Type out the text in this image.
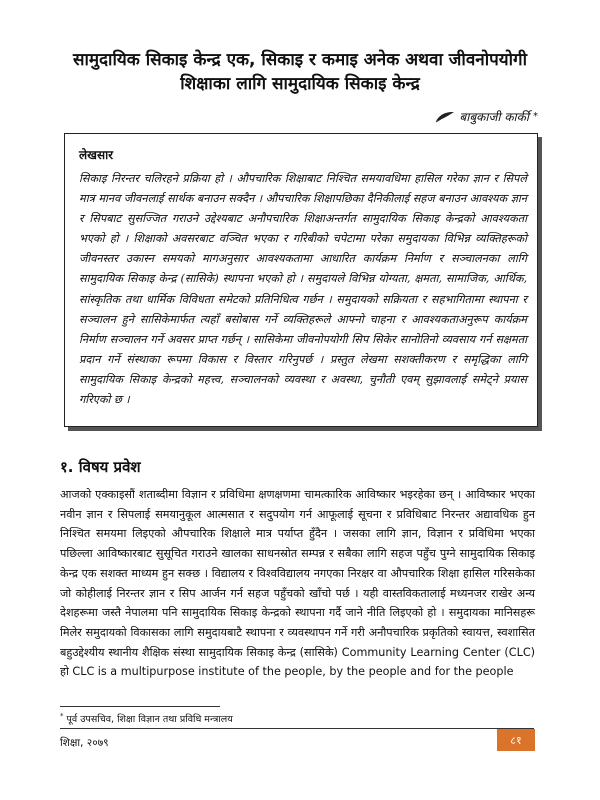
सामुदायिक सिकाइ केन्द्र एक, सिकाइ र कमाइ अनेक अथवा जीवनोपयोगी
शिक्षाका लागि सामुदायिक सिकाइ केन्द्र
बाबुकाजी कार्की *
लेखसार
सिकाइ निरन्तर चलिरहने प्रक्रिया हो । औपचारिक शिक्षाबाट निश्चित समयावधिमा हासिल गरेका ज्ञान र सिपले मात्र मानव जीवनलाई सार्थक बनाउन सक्दैन । औपचारिक शिक्षापछिका दैनिकीलाई सहज बनाउन आवश्यक ज्ञान र सिपबाट सुसज्जित गराउने उद्देश्यबाट अनौपचारिक शिक्षाअन्तर्गत सामुदायिक सिकाइ केन्द्रको आवश्यकता भएको हो । शिक्षाको अवसरबाट वञ्चित भएका र गरिबीको चपेटामा परेका समुदायका विभिन्न व्यक्तिहरूको जीवनस्तर उकास्न समयको मागअनुसार आवश्यकतामा आधारित कार्यक्रम निर्माण र सञ्चालनका लागि सामुदायिक सिकाइ केन्द्र (सासिके) स्थापना भएको हो । समुदायले विभिन्न योग्यता, क्षमता, सामाजिक, आर्थिक, सांस्कृतिक तथा धार्मिक विविधता समेटको प्रतिनिधित्व गर्छन । समुदायको सक्रियता र सहभागितामा स्थापना र सञ्चालन हुने सासिकेमार्फत त्यहाँ बसोबास गर्ने व्यक्तिहरूले आफ्नो चाहना र आवश्यकताअनुरूप कार्यक्रम निर्माण सञ्चालन गर्ने अवसर प्राप्त गर्छन् । सासिकेमा जीवनोपयोगी सिप सिकेर सानोतिनो व्यवसाय गर्न सक्षमता प्रदान गर्ने संस्थाका रूपमा विकास र विस्तार गरिनुपर्छ । प्रस्तुत लेखमा सशक्तीकरण र समृद्धिका लागि सामुदायिक सिकाइ केन्द्रको महत्त्व, सञ्चालनको व्यवस्था र अवस्था, चुनौती एवम् सुझावलाई समेट्ने प्रयास गरिएको छ ।
१. विषय प्रवेश
आजको एक्काइसौं शताब्दीमा विज्ञान र प्रविधिमा क्षणक्षणमा चामत्कारिक आविष्कार भइरहेका छन् । आविष्कार भएका नवीन ज्ञान र सिपलाई समयानुकूल आत्मसात र सदुपयोग गर्न आफूलाई सूचना र प्रविधिबाट निरन्तर अद्यावधिक हुन निश्चित समयमा लिइएको औपचारिक शिक्षाले मात्र पर्याप्त हुँदैन । जसका लागि ज्ञान, विज्ञान र प्रविधिमा भएका पछिल्ला आविष्कारबाट सुसूचित गराउने खालका साधनस्रोत सम्पन्न र सबैका लागि सहज पहुँच पुग्ने सामुदायिक सिकाइ केन्द्र एक सशक्त माध्यम हुन सक्छ । विद्यालय र विश्वविद्यालय नगएका निरक्षर वा औपचारिक शिक्षा हासिल गरिसकेका जो कोहीलाई निरन्तर ज्ञान र सिप आर्जन गर्न सहज पहुँचको खाँचो पर्छ । यही वास्तविकतालाई मध्यनजर राखेर अन्य देशहरूमा जस्तै नेपालमा पनि सामुदायिक सिकाइ केन्द्रको स्थापना गर्दै जाने नीति लिइएको हो । समुदायका मानिसहरू मिलेर समुदायको विकासका लागि समुदायबाटै स्थापना र व्यवस्थापन गर्ने गरी अनौपचारिक प्रकृतिको स्वायत्त, स्वशासित बहुउद्देश्यीय स्थानीय शैक्षिक संस्था सामुदायिक सिकाइ केन्द्र (सासिके) Community Learning Center (CLC) हो CLC is a multipurpose institute of the people, by the people and for the people
* पूर्व उपसचिव, शिक्षा विज्ञान तथा प्रविधि मन्त्रालय
शिक्षा, २०७९	८१
